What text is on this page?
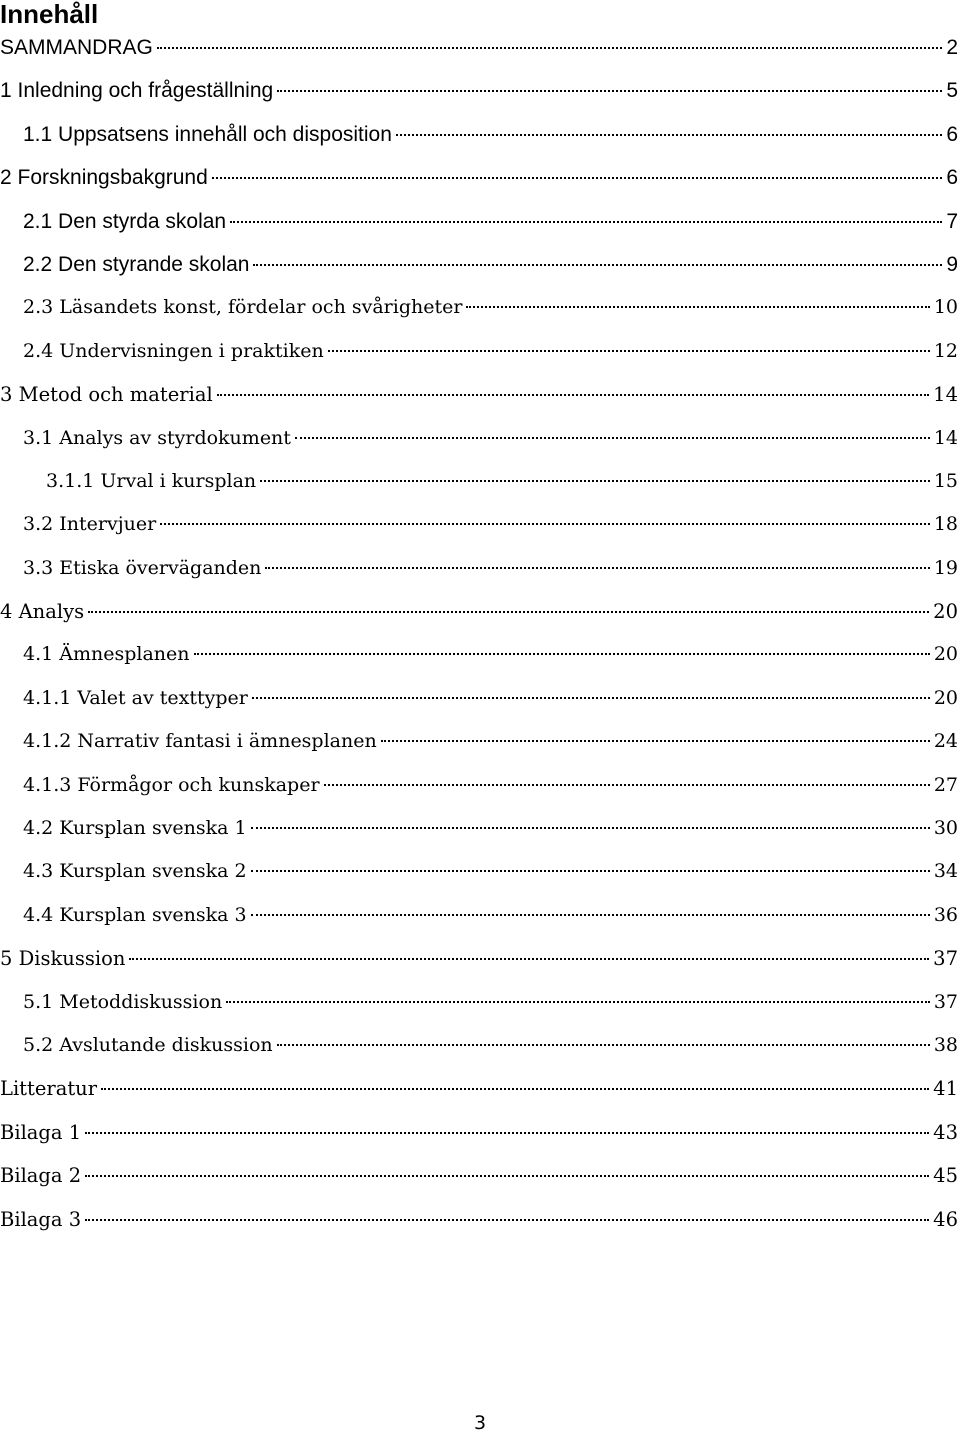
Innehåll
SAMMANDRAG	2
1 Inledning och frågeställning	5
1.1 Uppsatsens innehåll och disposition	6
2 Forskningsbakgrund	6
2.1 Den styrda skolan	7
2.2 Den styrande skolan	9
2.3 Läsandets konst, fördelar och svårigheter	10
2.4 Undervisningen i praktiken	12
3 Metod och material	14
3.1 Analys av styrdokument	14
3.1.1 Urval i kursplan	15
3.2 Intervjuer	18
3.3 Etiska överväganden	19
4 Analys	20
4.1 Ämnesplanen	20
4.1.1 Valet av texttyper	20
4.1.2 Narrativ fantasi i ämnesplanen	24
4.1.3 Förmågor och kunskaper	27
4.2 Kursplan svenska 1	30
4.3 Kursplan svenska 2	34
4.4 Kursplan svenska 3	36
5 Diskussion	37
5.1 Metoddiskussion	37
5.2 Avslutande diskussion	38
Litteratur	41
Bilaga 1	43
Bilaga 2	45
Bilaga 3	46
3
